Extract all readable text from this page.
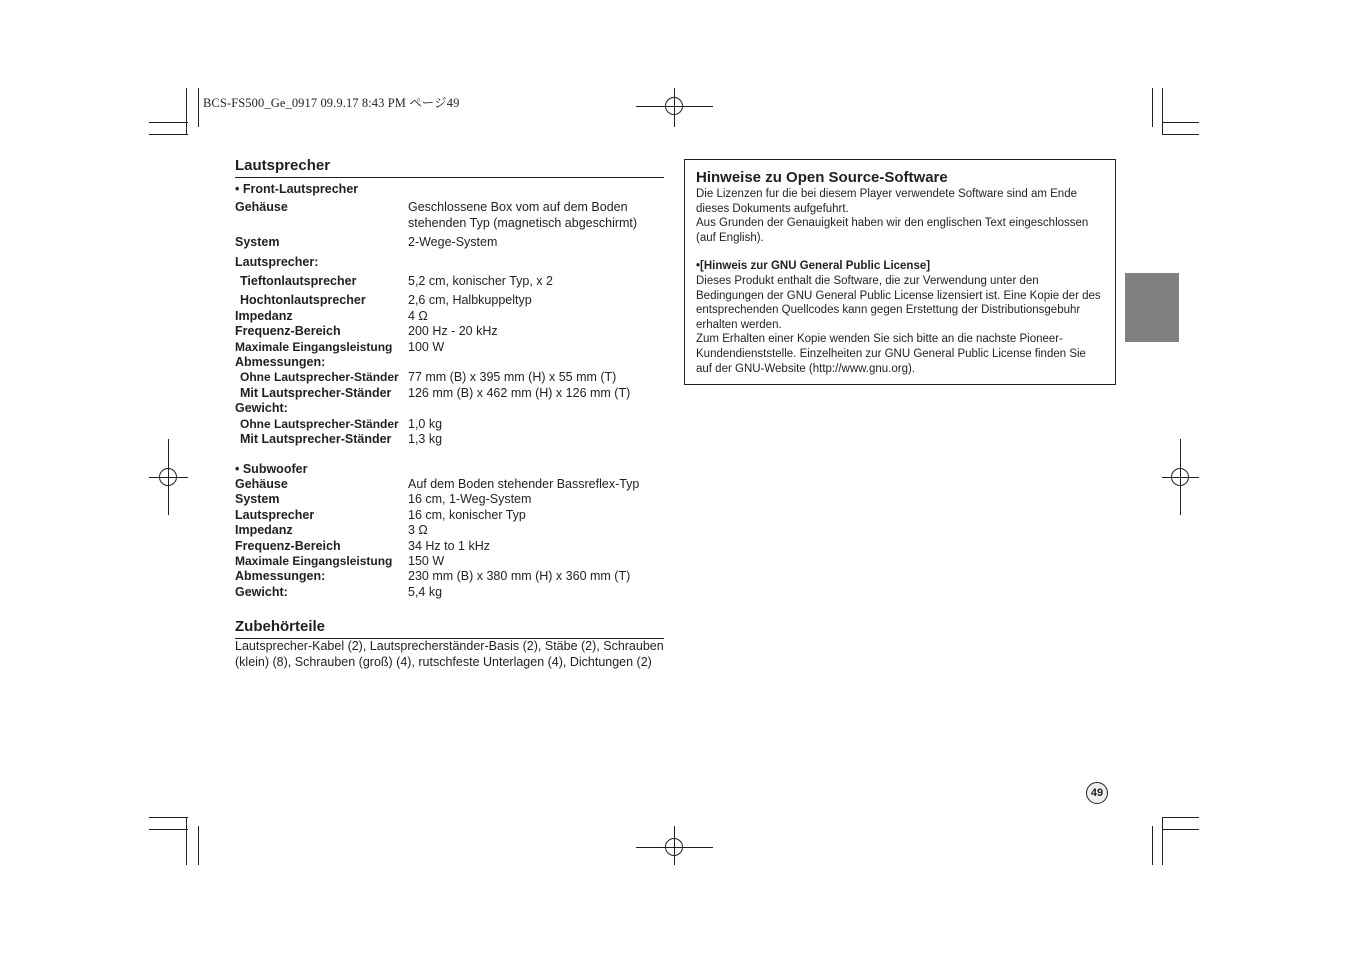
BCS-FS500_Ge_0917 09.9.17 8:43 PM ページ49
Lautsprecher
• Front-Lautsprecher
Gehäuse	Geschlossene Box vom auf dem Boden stehenden Typ (magnetisch abgeschirmt)
System	2-Wege-System
Lautsprecher:
Tieftonlautsprecher	5,2 cm, konischer Typ, x 2
Hochtonlautsprecher	2,6 cm, Halbkuppeltyp
Impedanz	4 Ω
Frequenz-Bereich	200 Hz - 20 kHz
Maximale Eingangsleistung	100 W
Abmessungen:
Ohne Lautsprecher-Ständer 77 mm (B) x 395 mm (H) x 55 mm (T)
Mit Lautsprecher-Ständer	126 mm (B) x 462 mm (H) x 126 mm (T)
Gewicht:
Ohne Lautsprecher-Ständer 1,0 kg
Mit Lautsprecher-Ständer	1,3 kg
• Subwoofer
Gehäuse	Auf dem Boden stehender Bassreflex-Typ
System	16 cm, 1-Weg-System
Lautsprecher	16 cm, konischer Typ
Impedanz	3 Ω
Frequenz-Bereich	34 Hz to 1 kHz
Maximale Eingangsleistung	150 W
Abmessungen:	230 mm (B) x 380 mm (H) x 360 mm (T)
Gewicht:	5,4 kg
Zubehörteile
Lautsprecher-Kabel (2), Lautsprecherständer-Basis (2), Stäbe (2), Schrauben (klein) (8), Schrauben (groß) (4), rutschfeste Unterlagen (4), Dichtungen (2)
Hinweise zu Open Source-Software
Die Lizenzen fur die bei diesem Player verwendete Software sind am Ende dieses Dokuments aufgefuhrt.
Aus Grunden der Genauigkeit haben wir den englischen Text eingeschlossen (auf English).
•[Hinweis zur GNU General Public License]
Dieses Produkt enthalt die Software, die zur Verwendung unter den Bedingungen der GNU General Public License lizensiert ist. Eine Kopie der des entsprechenden Quellcodes kann gegen Erstettung der Distributionsgebuhr erhalten werden.
Zum Erhalten einer Kopie wenden Sie sich bitte an die nachste Pioneer-Kundendienststelle. Einzelheiten zur GNU General Public License finden Sie auf der GNU-Website (http://www.gnu.org).
49
